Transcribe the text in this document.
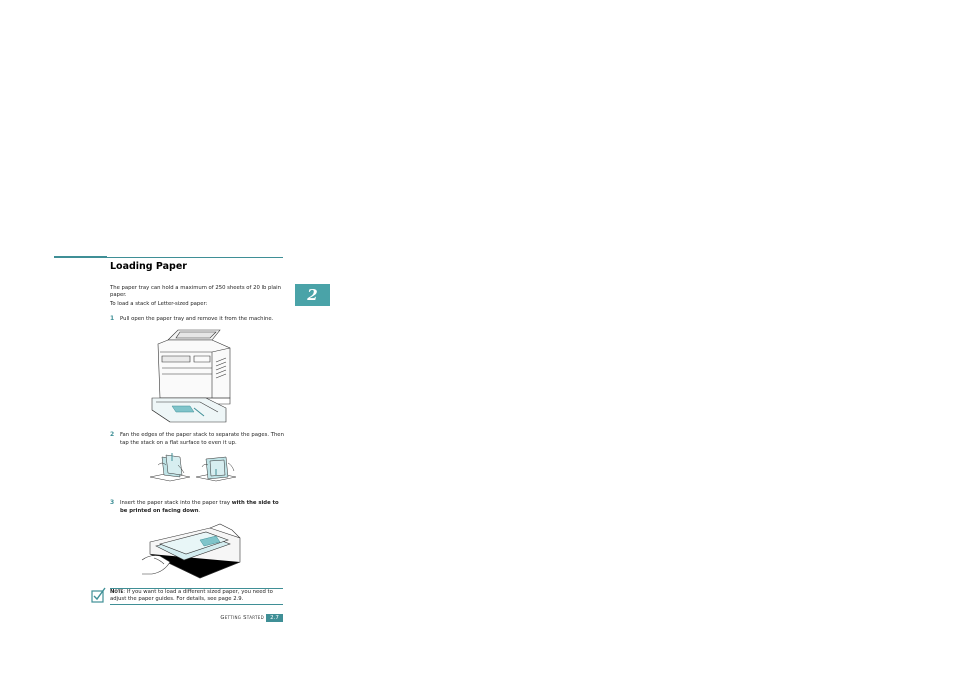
Loading Paper
The paper tray can hold a maximum of 250 sheets of 20 lb plain paper.
To load a stack of Letter-sized paper:
1 Pull open the paper tray and remove it from the machine.
2 Fan the edges of the paper stack to separate the pages. Then tap the stack on a flat surface to even it up.
3 Insert the paper stack into the paper tray with the side to be printed on facing down.
2
Note: If you want to load a different sized paper, you need to adjust the paper guides. For details, see page 2.9.
Getting Started	2.7
